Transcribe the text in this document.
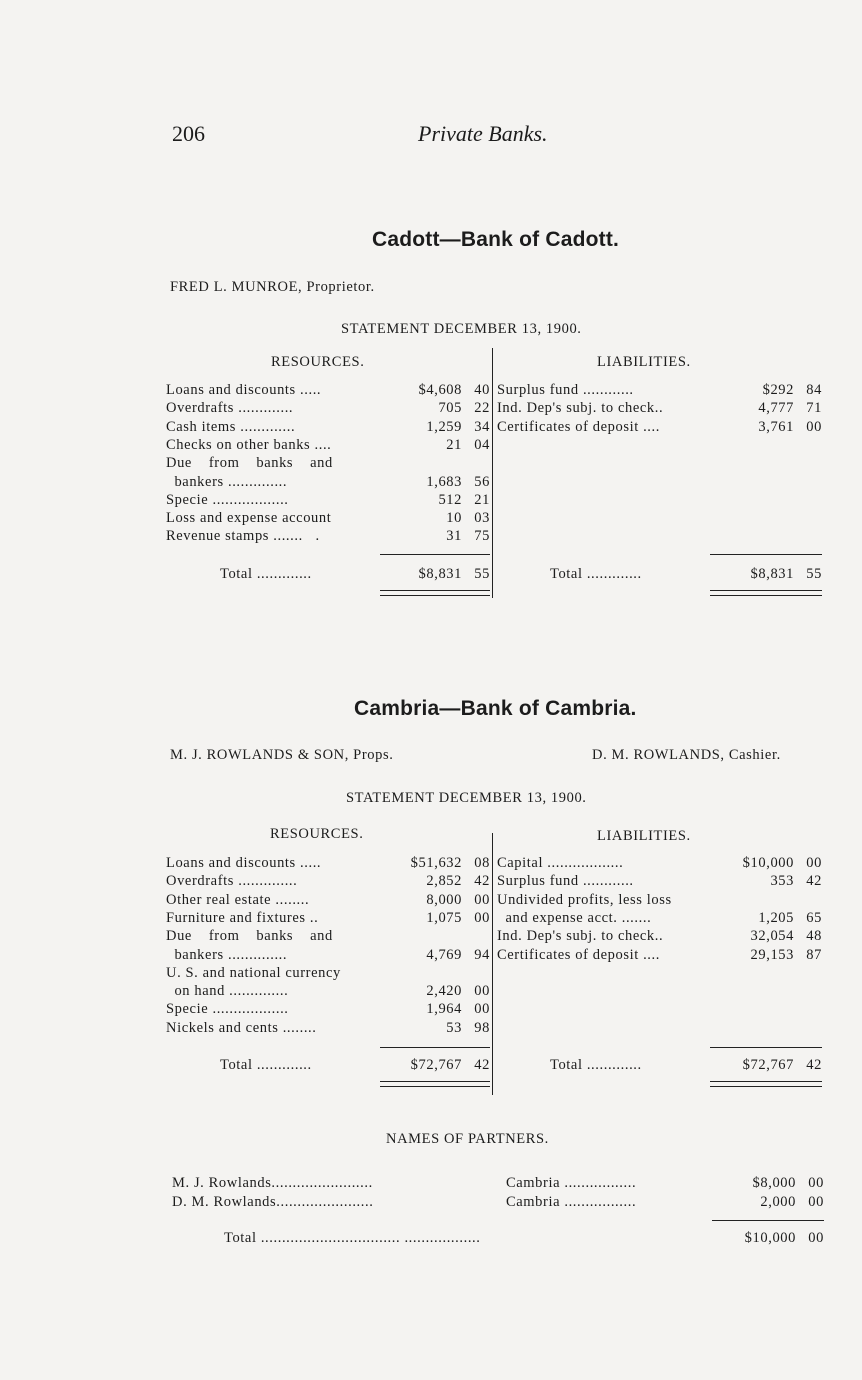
206	Private Banks.
Cadott—Bank of Cadott.
FRED L. MUNROE, Proprietor.
STATEMENT DECEMBER 13, 1900.
RESOURCES.	LIABILITIES.
Loans and discounts .....	$4,608 40
Overdrafts .............	705 22
Cash items .............	1,259 34
Checks on other banks ....	21 04
Due    from    banks    and
bankers ..............	1,683 56
Specie ..................	512 21
Loss and expense account	10 03
Revenue stamps .......   .	31 75
Surplus fund ............	$292 84
Ind. Dep's subj. to check..	4,777 71
Certificates of deposit ....	3,761 00
Total .............	$8,831 55	Total .............	$8,831 55
Cambria—Bank of Cambria.
M. J. ROWLANDS & SON, Props.	D. M. ROWLANDS, Cashier.
STATEMENT DECEMBER 13, 1900.
RESOURCES.	LIABILITIES.
Loans and discounts .....	$51,632 08
Overdrafts ..............	2,852 42
Other real estate ........	8,000 00
Furniture and fixtures ..	1,075 00
Due    from    banks    and
bankers ..............	4,769 94
U. S. and national currency
on hand ..............	2,420 00
Specie ..................	1,964 00
Nickels and cents ........	53 98
Capital ..................	$10,000 00
Surplus fund ............	353 42
Undivided profits, less loss
and expense acct. .......	1,205 65
Ind. Dep's subj. to check..	32,054 48
Certificates of deposit ....	29,153 87
Total .............	$72,767 42	Total .............	$72,767 42
NAMES OF PARTNERS.
M. J. Rowlands........................	Cambria .................	$8,000 00
D. M. Rowlands.......................	Cambria .................	2,000 00
Total ................................. ..................	$10,000 00
